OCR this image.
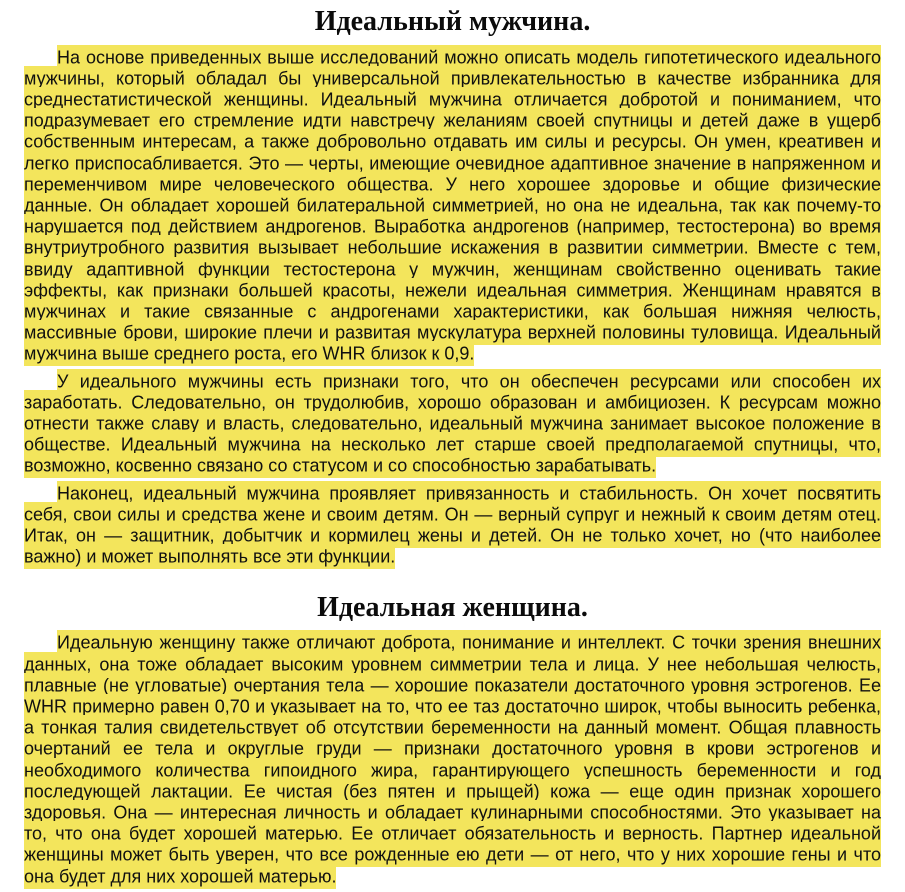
Идеальный мужчина.

На основе приведенных выше исследований можно описать модель гипотетического идеального мужчины, который обладал бы универсальной привлекательностью в качестве избранника для среднестатистической женщины. Идеальный мужчина отличается добротой и пониманием, что подразумевает его стремление идти навстречу желаниям своей спутницы и детей даже в ущерб собственным интересам, а также добровольно отдавать им силы и ресурсы. Он умен, креативен и легко приспосабливается. Это — черты, имеющие очевидное адаптивное значение в напряженном и переменчивом мире человеческого общества. У него хорошее здоровье и общие физические данные. Он обладает хорошей билатеральной симметрией, но она не идеальна, так как почему-то нарушается под действием андрогенов. Выработка андрогенов (например, тестостерона) во время внутриутробного развития вызывает небольшие искажения в развитии симметрии. Вместе с тем, ввиду адаптивной функции тестостерона у мужчин, женщинам свойственно оценивать такие эффекты, как признаки большей красоты, нежели идеальная симметрия. Женщинам нравятся в мужчинах и такие связанные с андрогенами характеристики, как большая нижняя челюсть, массивные брови, широкие плечи и развитая мускулатура верхней половины туловища. Идеальный мужчина выше среднего роста, его WHR близок к 0,9.

У идеального мужчины есть признаки того, что он обеспечен ресурсами или способен их заработать. Следовательно, он трудолюбив, хорошо образован и амбициозен. К ресурсам можно отнести также славу и власть, следовательно, идеальный мужчина занимает высокое положение в обществе. Идеальный мужчина на несколько лет старше своей предполагаемой спутницы, что, возможно, косвенно связано со статусом и со способностью зарабатывать.

Наконец, идеальный мужчина проявляет привязанность и стабильность. Он хочет посвятить себя, свои силы и средства жене и своим детям. Он — верный супруг и нежный к своим детям отец. Итак, он — защитник, добытчик и кормилец жены и детей. Он не только хочет, но (что наиболее важно) и может выполнять все эти функции.

Идеальная женщина.

Идеальную женщину также отличают доброта, понимание и интеллект. С точки зрения внешних данных, она тоже обладает высоким уровнем симметрии тела и лица. У нее небольшая челюсть, плавные (не угловатые) очертания тела — хорошие показатели достаточного уровня эстрогенов. Ее WHR примерно равен 0,70 и указывает на то, что ее таз достаточно широк, чтобы выносить ребенка, а тонкая талия свидетельствует об отсутствии беременности на данный момент. Общая плавность очертаний ее тела и округлые груди — признаки достаточного уровня в крови эстрогенов и необходимого количества гипоидного жира, гарантирующего успешность беременности и год последующей лактации. Ее чистая (без пятен и прыщей) кожа — еще один признак хорошего здоровья. Она — интересная личность и обладает кулинарными способностями. Это указывает на то, что она будет хорошей матерью. Ее отличает обязательность и верность. Партнер идеальной женщины может быть уверен, что все рожденные ею дети — от него, что у них хорошие гены и что она будет для них хорошей матерью.
